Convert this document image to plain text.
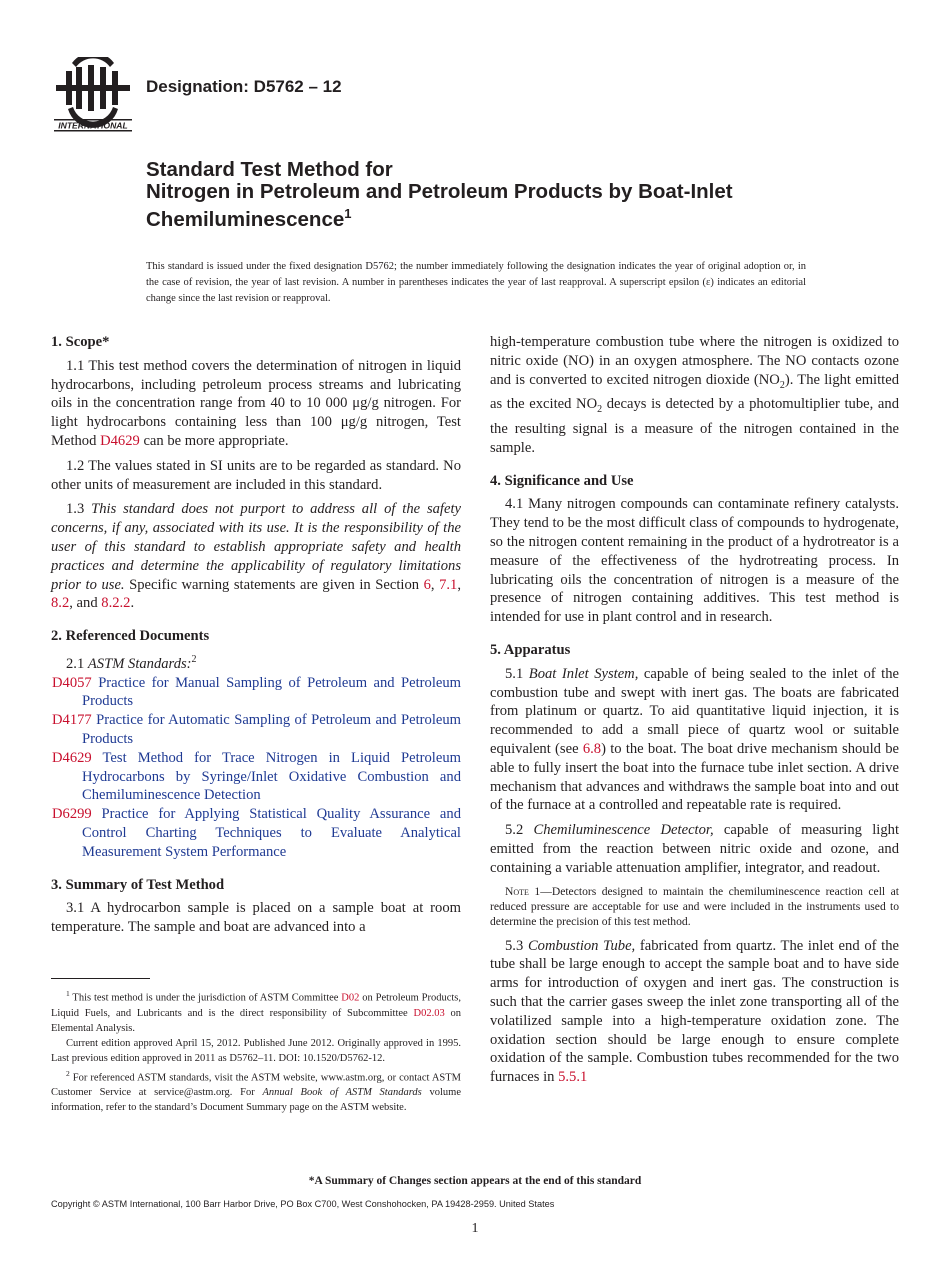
INTERNATIONAL
Designation: D5762 – 12
Standard Test Method for
Nitrogen in Petroleum and Petroleum Products by Boat-Inlet
Chemiluminescence$^1$
This standard is issued under the fixed designation D5762; the number immediately following the designation indicates the year of original adoption or, in the case of revision, the year of last revision. A number in parentheses indicates the year of last reapproval. A superscript epsilon (ε) indicates an editorial change since the last revision or reapproval.
1. Scope*

1.1 This test method covers the determination of nitrogen in liquid hydrocarbons, including petroleum process streams and lubricating oils in the concentration range from 40 to 10 000 μg/g nitrogen. For light hydrocarbons containing less than 100 μg/g nitrogen, Test Method D4629 can be more appropriate.

1.2 The values stated in SI units are to be regarded as standard. No other units of measurement are included in this standard.

1.3 This standard does not purport to address all of the safety concerns, if any, associated with its use. It is the responsibility of the user of this standard to establish appropriate safety and health practices and determine the applicability of regulatory limitations prior to use. Specific warning statements are given in Section 6, 7.1, 8.2, and 8.2.2.

2. Referenced Documents

2.1 ASTM Standards:$^2$

D4057 Practice for Manual Sampling of Petroleum and Petroleum Products

D4177 Practice for Automatic Sampling of Petroleum and Petroleum Products

D4629 Test Method for Trace Nitrogen in Liquid Petroleum Hydrocarbons by Syringe/Inlet Oxidative Combustion and Chemiluminescence Detection

D6299 Practice for Applying Statistical Quality Assurance and Control Charting Techniques to Evaluate Analytical Measurement System Performance

3. Summary of Test Method

3.1 A hydrocarbon sample is placed on a sample boat at room temperature. The sample and boat are advanced into a

high-temperature combustion tube where the nitrogen is oxidized to nitric oxide (NO) in an oxygen atmosphere. The NO contacts ozone and is converted to excited nitrogen dioxide $(NO_2)$. The light emitted as the excited $NO_2$ decays is detected by a photomultiplier tube, and the resulting signal is a measure of the nitrogen contained in the sample.

4. Significance and Use

4.1 Many nitrogen compounds can contaminate refinery catalysts. They tend to be the most difficult class of compounds to hydrogenate, so the nitrogen content remaining in the product of a hydrotreator is a measure of the effectiveness of the hydrotreating process. In lubricating oils the concentration of nitrogen is a measure of the presence of nitrogen containing additives. This test method is intended for use in plant control and in research.

5. Apparatus

5.1 Boat Inlet System, capable of being sealed to the inlet of the combustion tube and swept with inert gas. The boats are fabricated from platinum or quartz. To aid quantitative liquid injection, it is recommended to add a small piece of quartz wool or suitable equivalent (see 6.8) to the boat. The boat drive mechanism should be able to fully insert the boat into the furnace tube inlet section. A drive mechanism that advances and withdraws the sample boat into and out of the furnace at a controlled and repeatable rate is required.

5.2 Chemiluminescence Detector, capable of measuring light emitted from the reaction between nitric oxide and ozone, and containing a variable attenuation amplifier, integrator, and readout.

Note 1—Detectors designed to maintain the chemiluminescence reaction cell at reduced pressure are acceptable for use and were included in the instruments used to determine the precision of this test method.

5.3 Combustion Tube, fabricated from quartz. The inlet end of the tube shall be large enough to accept the sample boat and to have side arms for introduction of oxygen and inert gas. The construction is such that the carrier gases sweep the inlet zone transporting all of the volatilized sample into a high-temperature oxidation zone. The oxidation section should be large enough to ensure complete oxidation of the sample. Combustion tubes recommended for the two furnaces in 5.5.1

$^1$ This test method is under the jurisdiction of ASTM Committee D02 on Petroleum Products, Liquid Fuels, and Lubricants and is the direct responsibility of Subcommittee D02.03 on Elemental Analysis.

Current edition approved April 15, 2012. Published June 2012. Originally approved in 1995. Last previous edition approved in 2011 as D5762–11. DOI: 10.1520/D5762-12.

$^2$ For referenced ASTM standards, visit the ASTM website, www.astm.org, or contact ASTM Customer Service at service@astm.org. For Annual Book of ASTM Standards volume information, refer to the standard’s Document Summary page on the ASTM website.

*A Summary of Changes section appears at the end of this standard
Copyright © ASTM International, 100 Barr Harbor Drive, PO Box C700, West Conshohocken, PA 19428-2959. United States
1
